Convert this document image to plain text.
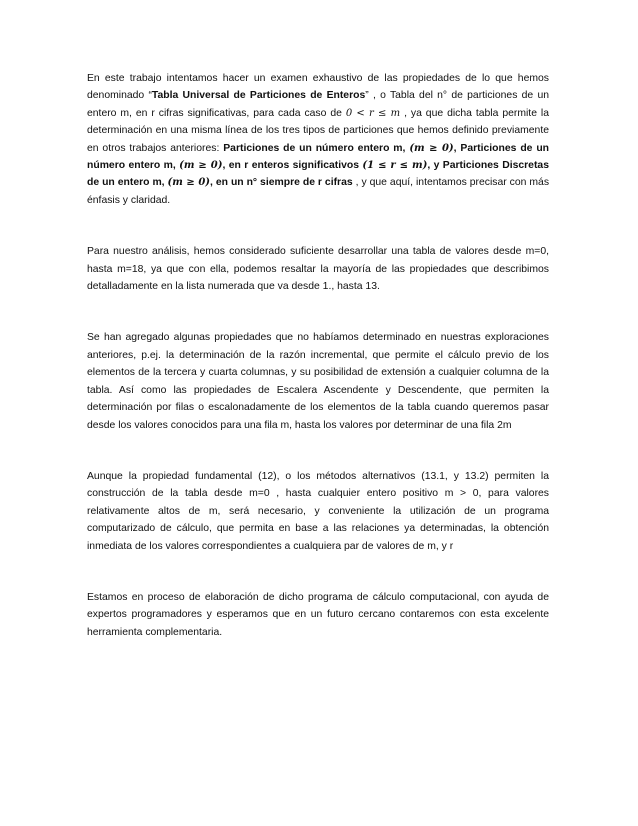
En este trabajo intentamos hacer un examen exhaustivo de las propiedades de lo que hemos denominado “Tabla Universal de Particiones de Enteros” , o Tabla del n° de particiones de un entero m, en r cifras significativas, para cada caso de 0 < r ≤ m , ya que dicha tabla permite la determinación en una misma línea de los tres tipos de particiones que hemos definido previamente en otros trabajos anteriores: Particiones de un número entero m, (m ≥ 0), Particiones de un número entero m, (m ≥ 0), en r enteros significativos (1 ≤ r ≤ m), y Particiones Discretas de un entero m, (m ≥ 0), en un n° siempre de r cifras , y que aquí, intentamos precisar con más énfasis y claridad.

Para nuestro análisis, hemos considerado suficiente desarrollar una tabla de valores desde m=0, hasta m=18, ya que con ella, podemos resaltar la mayoría de las propiedades que describimos detalladamente en la lista numerada que va desde 1., hasta 13.

Se han agregado algunas propiedades que no habíamos determinado en nuestras exploraciones anteriores, p.ej. la determinación de la razón incremental, que permite el cálculo previo de los elementos de la tercera y cuarta columnas, y su posibilidad de extensión a cualquier columna de la tabla. Así como las propiedades de Escalera Ascendente y Descendente, que permiten la determinación por filas o escalonadamente de los elementos de la tabla cuando queremos pasar desde los valores conocidos para una fila m, hasta los valores por determinar de una fila 2m

Aunque la propiedad fundamental (12), o los métodos alternativos (13.1, y 13.2) permiten la construcción de la tabla desde m=0 , hasta cualquier entero positivo m > 0, para valores relativamente altos de m, será necesario, y conveniente la utilización de un programa computarizado de cálculo, que permita en base a las relaciones ya determinadas, la obtención inmediata de los valores correspondientes a cualquiera par de valores de m, y r

Estamos en proceso de elaboración de dicho programa de cálculo computacional, con ayuda de expertos programadores y esperamos que en un futuro cercano contaremos con esta excelente herramienta complementaria.
